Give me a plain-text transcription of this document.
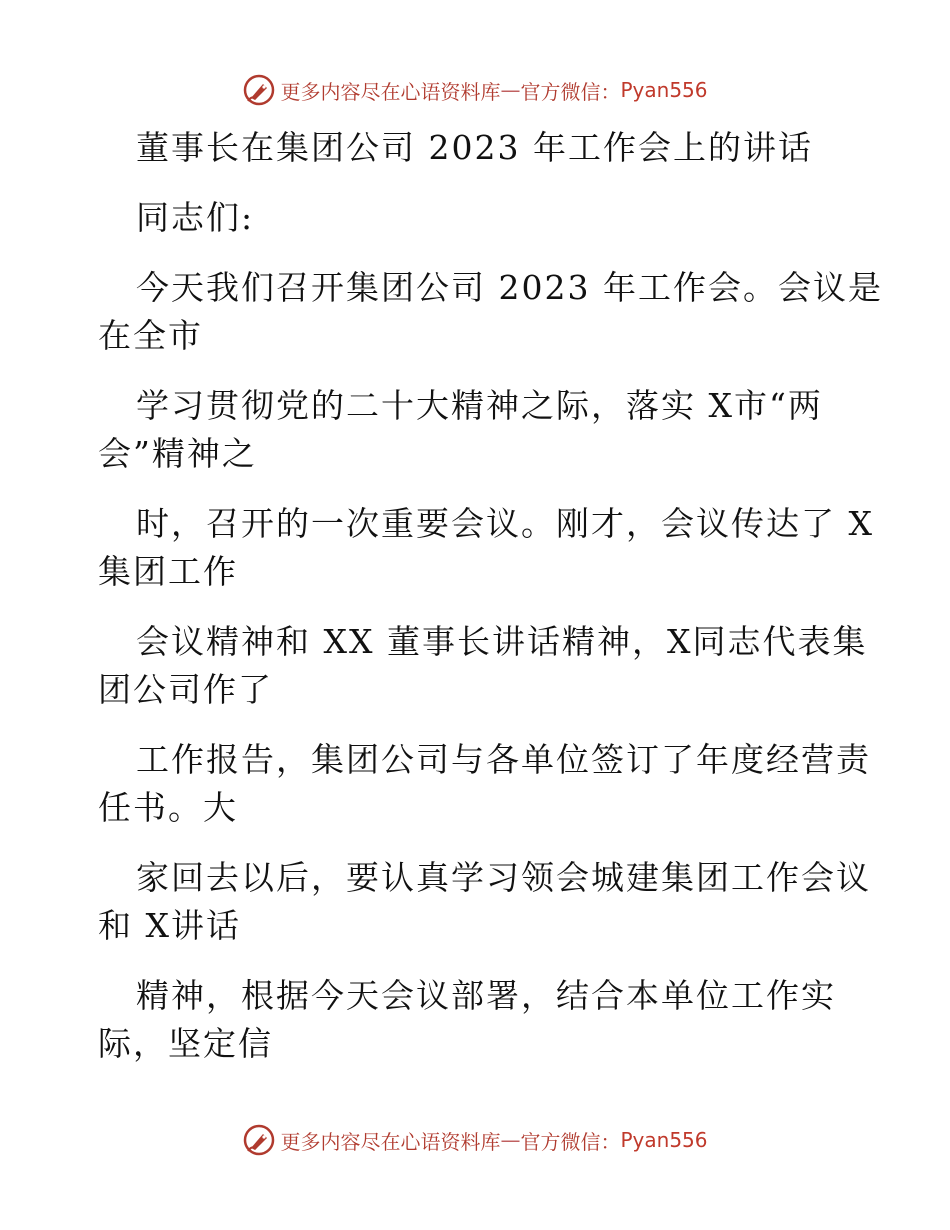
更多内容尽在心语资料库 — 官方微信： Pyan556
董事长在集团公司 2023 年工作会上的讲话
同志们:
今天我们召开集团公司 2023 年工作会。会议是
在全市
学习贯彻党的二十大精神之际，落实 X市“两
会”精神之
时，召开的一次重要会议。刚才，会议传达了 X
集团工作
会议精神和 XX 董事长讲话精神，X同志代表集
团公司作了
工作报告，集团公司与各单位签订了年度经营责
任书。大
家回去以后，要认真学习领会城建集团工作会议
和 X讲话
精神，根据今天会议部署，结合本单位工作实
际，坚定信
更多内容尽在心语资料库 — 官方微信： Pyan556
